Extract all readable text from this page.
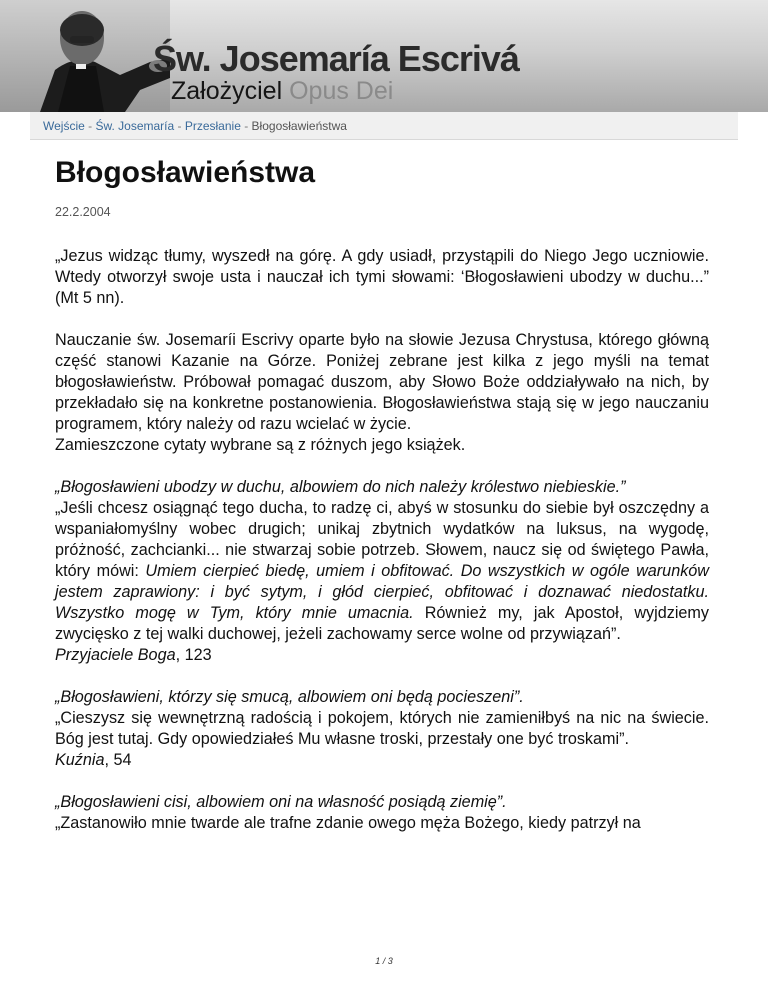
Św. Josemaría Escrivá
Założyciel Opus Dei
Wejście - Św. Josemaría - Przesłanie - Błogosławieństwa
Błogosławieństwa
22.2.2004

„Jezus widząc tłumy, wyszedł na górę. A gdy usiadł, przystąpili do Niego Jego uczniowie. Wtedy otworzył swoje usta i nauczał ich tymi słowami: ‘Błogosławieni ubodzy w duchu...” (Mt 5 nn).

Nauczanie św. Josemaríi Escrivy oparte było na słowie Jezusa Chrystusa, którego główną część stanowi Kazanie na Górze. Poniżej zebrane jest kilka z jego myśli na temat błogosławieństw. Próbował pomagać duszom, aby Słowo Boże oddziaływało na nich, by przekładało się na konkretne postanowienia. Błogosławieństwa stają się w jego nauczaniu programem, który należy od razu wcielać w życie.
Zamieszczone cytaty wybrane są z różnych jego książek.

„Błogosławieni ubodzy w duchu, albowiem do nich należy królestwo niebieskie.”
„Jeśli chcesz osiągnąć tego ducha, to radzę ci, abyś w stosunku do siebie był oszczędny a wspaniałomyślny wobec drugich; unikaj zbytnich wydatków na luksus, na wygodę, próżność, zachcianki... nie stwarzaj sobie potrzeb. Słowem, naucz się od świętego Pawła, który mówi: Umiem cierpieć biedę, umiem i obfitować. Do wszystkich w ogóle warunków jestem zaprawiony: i być sytym, i głód cierpieć, obfitować i doznawać niedostatku. Wszystko mogę w Tym, który mnie umacnia. Również my, jak Apostoł, wyjdziemy zwycięsko z tej walki duchowej, jeżeli zachowamy serce wolne od przywiązań”.
Przyjaciele Boga, 123

„Błogosławieni, którzy się smucą, albowiem oni będą pocieszeni”.
„Cieszysz się wewnętrzną radością i pokojem, których nie zamieniłbyś na nic na świecie. Bóg jest tutaj. Gdy opowiedziałeś Mu własne troski, przestały one być troskami”.
Kuźnia, 54

„Błogosławieni cisi, albowiem oni na własność posiądą ziemię”.
„Zastanowiło mnie twarde ale trafne zdanie owego męża Bożego, kiedy patrzył na

1 / 3
